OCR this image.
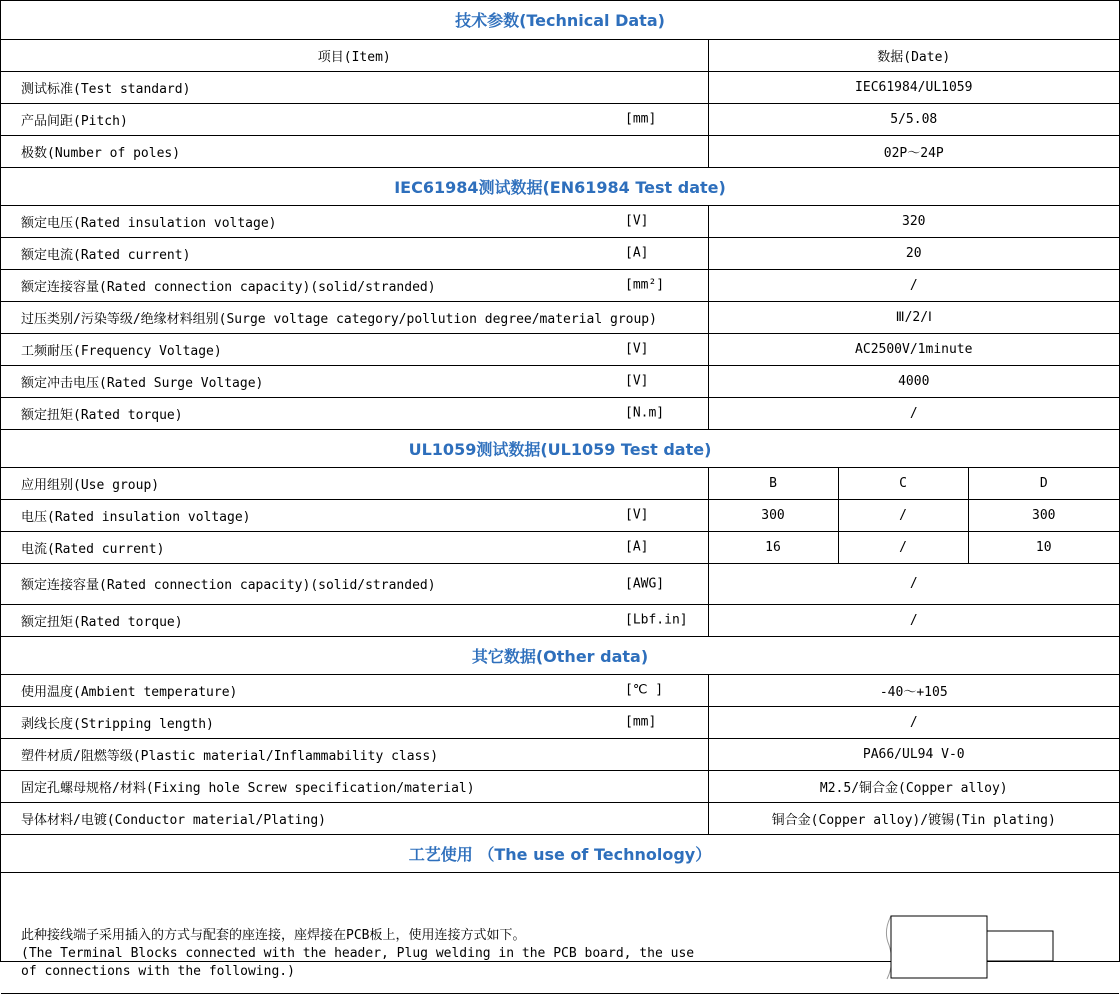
技术参数(Technical Data)			
项目(Item)	数据(Date)		

测试标准(Test standard)	IEC61984/UL1059		

产品间距(Pitch) [mm]	5/5.08		

极数(Number of poles)	02P～24P		
IEC61984测试数据(EN61984 Test date)			

额定电压(Rated insulation voltage) [V]	320		

额定电流(Rated current) [A]	20		

额定连接容量(Rated connection capacity)(solid/stranded) [mm²]	/		

过压类别/污染等级/绝缘材料组别(Surge voltage category/pollution degree/material group)	Ⅲ/2/Ⅰ		

工频耐压(Frequency Voltage) [V]	AC2500V/1minute		

额定冲击电压(Rated Surge Voltage) [V]	4000		

额定扭矩(Rated torque) [N.m]	/		
UL1059测试数据(UL1059 Test date)			
应用组别(Use group)	B	C	D

电压(Rated insulation voltage) [V]	300	/	300

电流(Rated current) [A]	16	/	10

额定连接容量(Rated connection capacity)(solid/stranded) [AWG]	/		

额定扭矩(Rated torque) [Lbf.in]	/		
其它数据(Other data)			

使用温度(Ambient temperature) [℃ ]	-40～+105		

剥线长度(Stripping length) [mm]	/		

塑件材质/阻燃等级(Plastic material/Inflammability class)	PA66/UL94 V-0		

固定孔螺母规格/材料(Fixing hole Screw specification/material)	M2.5/铜合金(Copper alloy)		

导体材料/电镀(Conductor material/Plating)	铜合金(Copper alloy)/镀锡(Tin plating)		
工艺使用 （The use of Technology）			

此种接线端子采用插入的方式与配套的座连接，座焊接在PCB板上，使用连接方式如下。
(The Terminal Blocks connected with the header, Plug welding in the PCB board, the use
of connections with the following.)			
